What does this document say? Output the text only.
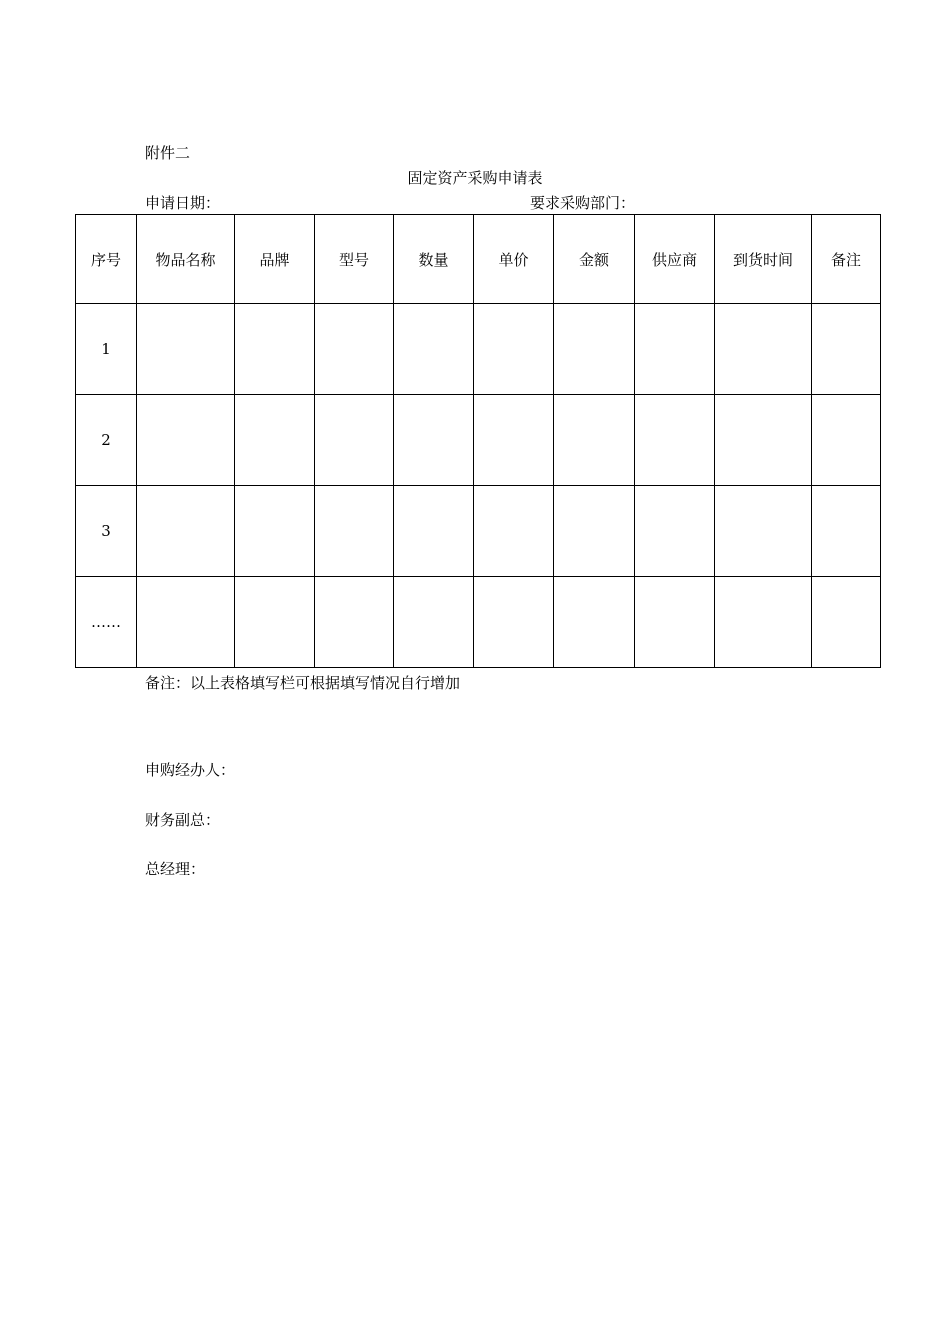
附件二
固定资产采购申请表
申请日期：	要求采购部门：
序号	物品名称	品牌	型号	数量	单价	金额	供应商	到货时间	备注
1									
2									
3									
……									
备注：以上表格填写栏可根据填写情况自行增加
申购经办人：
财务副总：
总经理：
